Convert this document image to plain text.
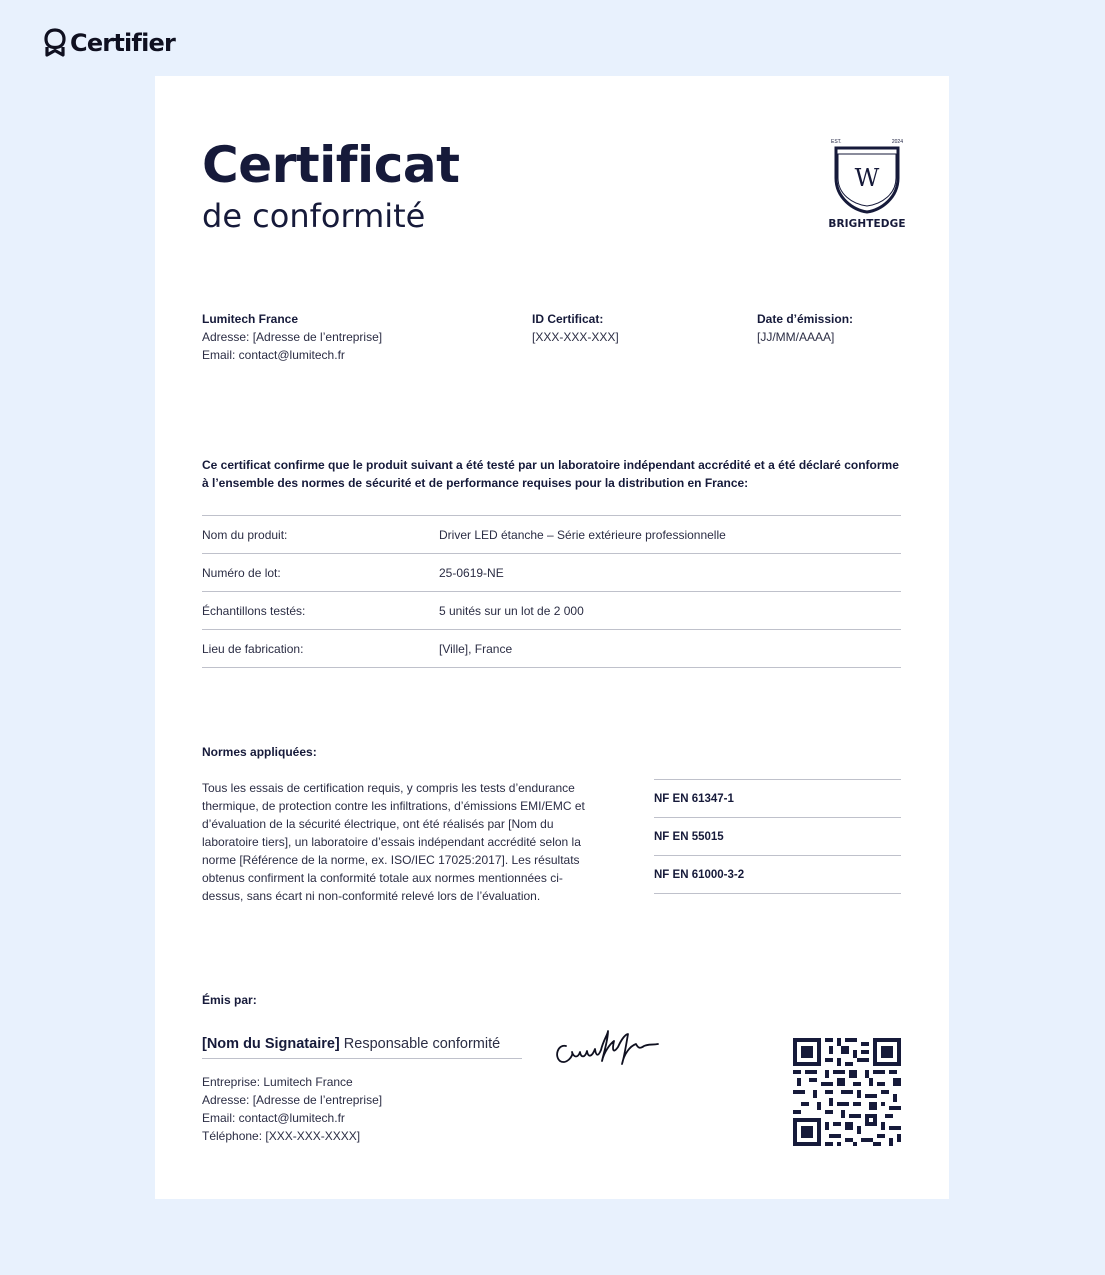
Certifier
Certificat
de conformité
EST.	2024
W
BRIGHTEDGE
Lumitech France
Adresse: [Adresse de l’entreprise]
Email: contact@lumitech.fr
ID Certificat:
[XXX-XXX-XXX]
Date d’émission:
[JJ/MM/AAAA]
Ce certificat confirme que le produit suivant a été testé par un laboratoire indépendant accrédité et a été déclaré conforme à l’ensemble des normes de sécurité et de performance requises pour la distribution en France:
Nom du produit:	Driver LED étanche – Série extérieure professionnelle
Numéro de lot:	25-0619-NE
Échantillons testés:	5 unités sur un lot de 2 000
Lieu de fabrication:	[Ville], France
Normes appliquées:
Tous les essais de certification requis, y compris les tests d’endurance thermique, de protection contre les infiltrations, d’émissions EMI/EMC et d’évaluation de la sécurité électrique, ont été réalisés par [Nom du laboratoire tiers], un laboratoire d’essais indépendant accrédité selon la norme [Référence de la norme, ex. ISO/IEC 17025:2017]. Les résultats obtenus confirment la conformité totale aux normes mentionnées ci-dessus, sans écart ni non-conformité relevé lors de l’évaluation.
NF EN 61347-1
NF EN 55015
NF EN 61000-3-2
Émis par:
[Nom du Signataire] Responsable conformité
Entreprise: Lumitech France
Adresse: [Adresse de l’entreprise]
Email: contact@lumitech.fr
Téléphone: [XXX-XXX-XXXX]
